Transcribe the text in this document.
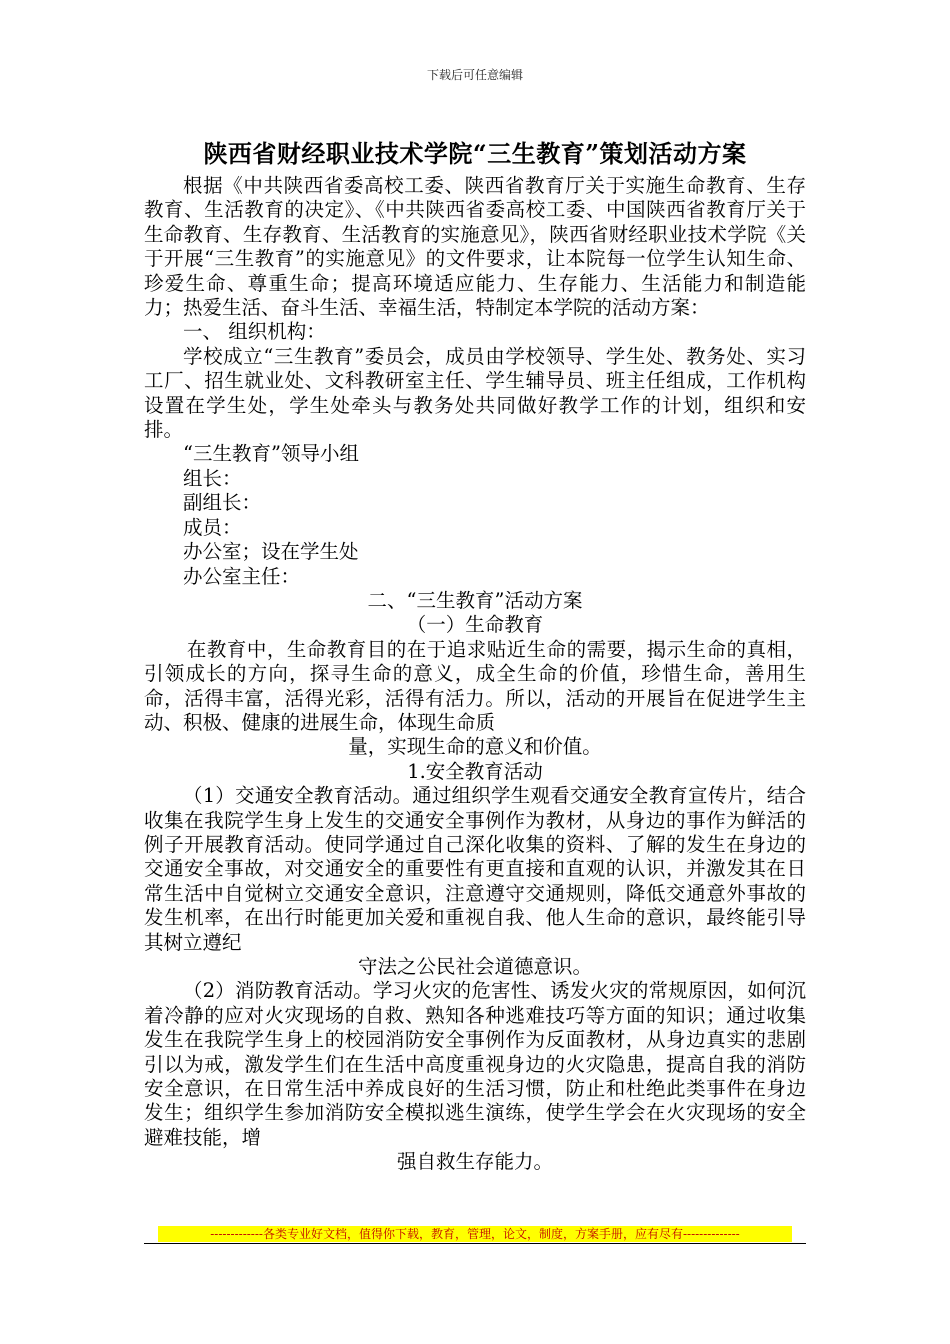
下载后可任意编辑
陕西省财经职业技术学院“三生教育”策划活动方案

根据《中共陕西省委高校工委、陕西省教育厅关于实施生命教育、生存教育、生活教育的决定》、《中共陕西省委高校工委、中国陕西省教育厅关于生命教育、生存教育、生活教育的实施意见》，陕西省财经职业技术学院《关于开展“三生教育”的实施意见》的文件要求，让本院每一位学生认知生命、珍爱生命、尊重生命；提高环境适应能力、生存能力、生活能力和制造能力；热爱生活、奋斗生活、幸福生活，特制定本学院的活动方案：

一、 组织机构：

学校成立“三生教育”委员会，成员由学校领导、学生处、教务处、实习工厂、招生就业处、文科教研室主任、学生辅导员、班主任组成，工作机构设置在学生处，学生处牵头与教务处共同做好教学工作的计划，组织和安排。

“三生教育”领导小组

组长：

副组长：

成员：

办公室；设在学生处

办公室主任：

二、“三生教育”活动方案

（一）生命教育

在教育中，生命教育目的在于追求贴近生命的需要，揭示生命的真相，引领成长的方向，探寻生命的意义，成全生命的价值，珍惜生命，善用生命，活得丰富，活得光彩，活得有活力。所以，活动的开展旨在促进学生主动、积极、健康的进展生命，体现生命质

量，实现生命的意义和价值。

1.安全教育活动

（1）交通安全教育活动。通过组织学生观看交通安全教育宣传片，结合收集在我院学生身上发生的交通安全事例作为教材，从身边的事作为鲜活的例子开展教育活动。使同学通过自己深化收集的资料、了解的发生在身边的交通安全事故，对交通安全的重要性有更直接和直观的认识，并激发其在日常生活中自觉树立交通安全意识，注意遵守交通规则，降低交通意外事故的发生机率，在出行时能更加关爱和重视自我、他人生命的意识，最终能引导其树立遵纪

守法之公民社会道德意识。

（2）消防教育活动。学习火灾的危害性、诱发火灾的常规原因，如何沉着冷静的应对火灾现场的自救、熟知各种逃难技巧等方面的知识；通过收集发生在我院学生身上的校园消防安全事例作为反面教材，从身边真实的悲剧引以为戒，激发学生们在生活中高度重视身边的火灾隐患，提高自我的消防安全意识，在日常生活中养成良好的生活习惯，防止和杜绝此类事件在身边发生；组织学生参加消防安全模拟逃生演练，使学生学会在火灾现场的安全避难技能，增

强自救生存能力。

-------------各类专业好文档，值得你下载，教育，管理，论文，制度，方案手册，应有尽有--------------
